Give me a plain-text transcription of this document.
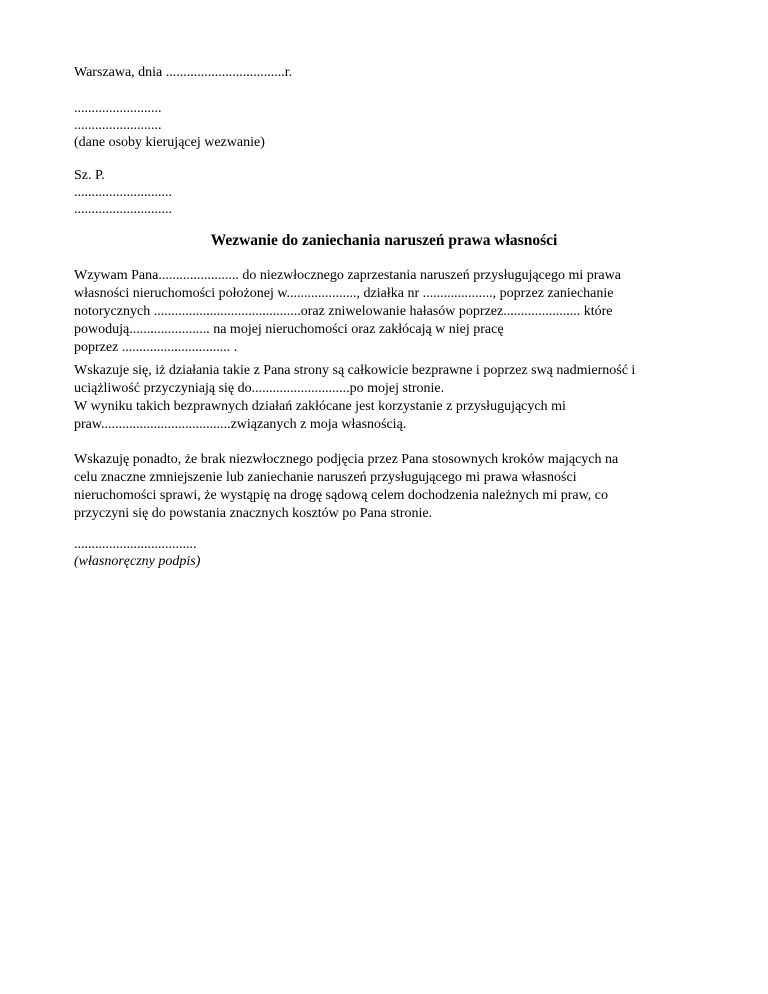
Warszawa, dnia ..................................r.
.........................
.........................
(dane osoby kierującej wezwanie)
Sz. P.
............................
............................
Wezwanie do zaniechania naruszeń prawa własności
Wzywam Pana....................... do niezwłocznego zaprzestania naruszeń przysługującego mi prawa
własności nieruchomości położonej w...................., działka nr ...................., poprzez zaniechanie
notorycznych ..........................................oraz zniwelowanie hałasów poprzez...................... które
powodują....................... na mojej nieruchomości oraz zakłócają w niej pracę
poprzez ............................... .
Wskazuje się, iż działania takie z Pana strony są całkowicie bezprawne i poprzez swą nadmierność i
uciążliwość przyczyniają się do............................po mojej stronie.
W wyniku takich bezprawnych działań zakłócane jest korzystanie z przysługujących mi
praw.....................................związanych z moja własnością.
Wskazuję ponadto, że brak niezwłocznego podjęcia przez Pana stosownych kroków mających na
celu znaczne zmniejszenie lub zaniechanie naruszeń przysługującego mi prawa własności
nieruchomości sprawi, że wystąpię na drogę sądową celem dochodzenia należnych mi praw, co
przyczyni się do powstania znacznych kosztów po Pana stronie.
...................................
(własnoręczny podpis)
